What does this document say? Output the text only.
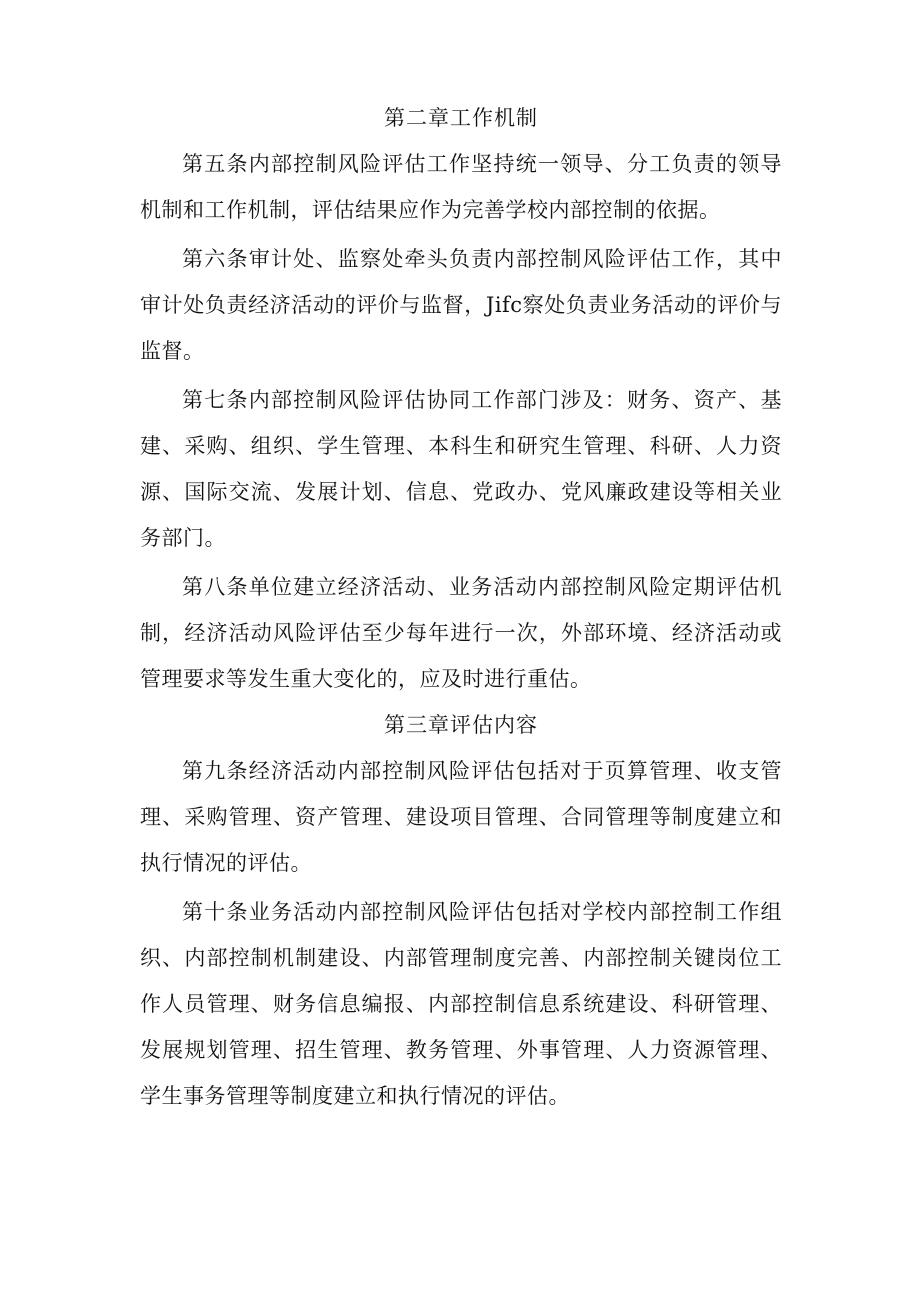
第二章工作机制

第五条内部控制风险评估工作坚持统一领导、分工负责的领导机制和工作机制，评估结果应作为完善学校内部控制的依据。

第六条审计处、监察处牵头负责内部控制风险评估工作，其中审计处负责经济活动的评价与监督，Jifc察处负责业务活动的评价与监督。

第七条内部控制风险评估协同工作部门涉及：财务、资产、基建、采购、组织、学生管理、本科生和研究生管理、科研、人力资源、国际交流、发展计划、信息、党政办、党风廉政建设等相关业务部门。

第八条单位建立经济活动、业务活动内部控制风险定期评估机制，经济活动风险评估至少每年进行一次，外部环境、经济活动或管理要求等发生重大变化的，应及时进行重估。

第三章评估内容

第九条经济活动内部控制风险评估包括对于页算管理、收支管理、采购管理、资产管理、建设项目管理、合同管理等制度建立和执行情况的评估。

第十条业务活动内部控制风险评估包括对学校内部控制工作组织、内部控制机制建设、内部管理制度完善、内部控制关键岗位工作人员管理、财务信息编报、内部控制信息系统建设、科研管理、发展规划管理、招生管理、教务管理、外事管理、人力资源管理、学生事务管理等制度建立和执行情况的评估。
